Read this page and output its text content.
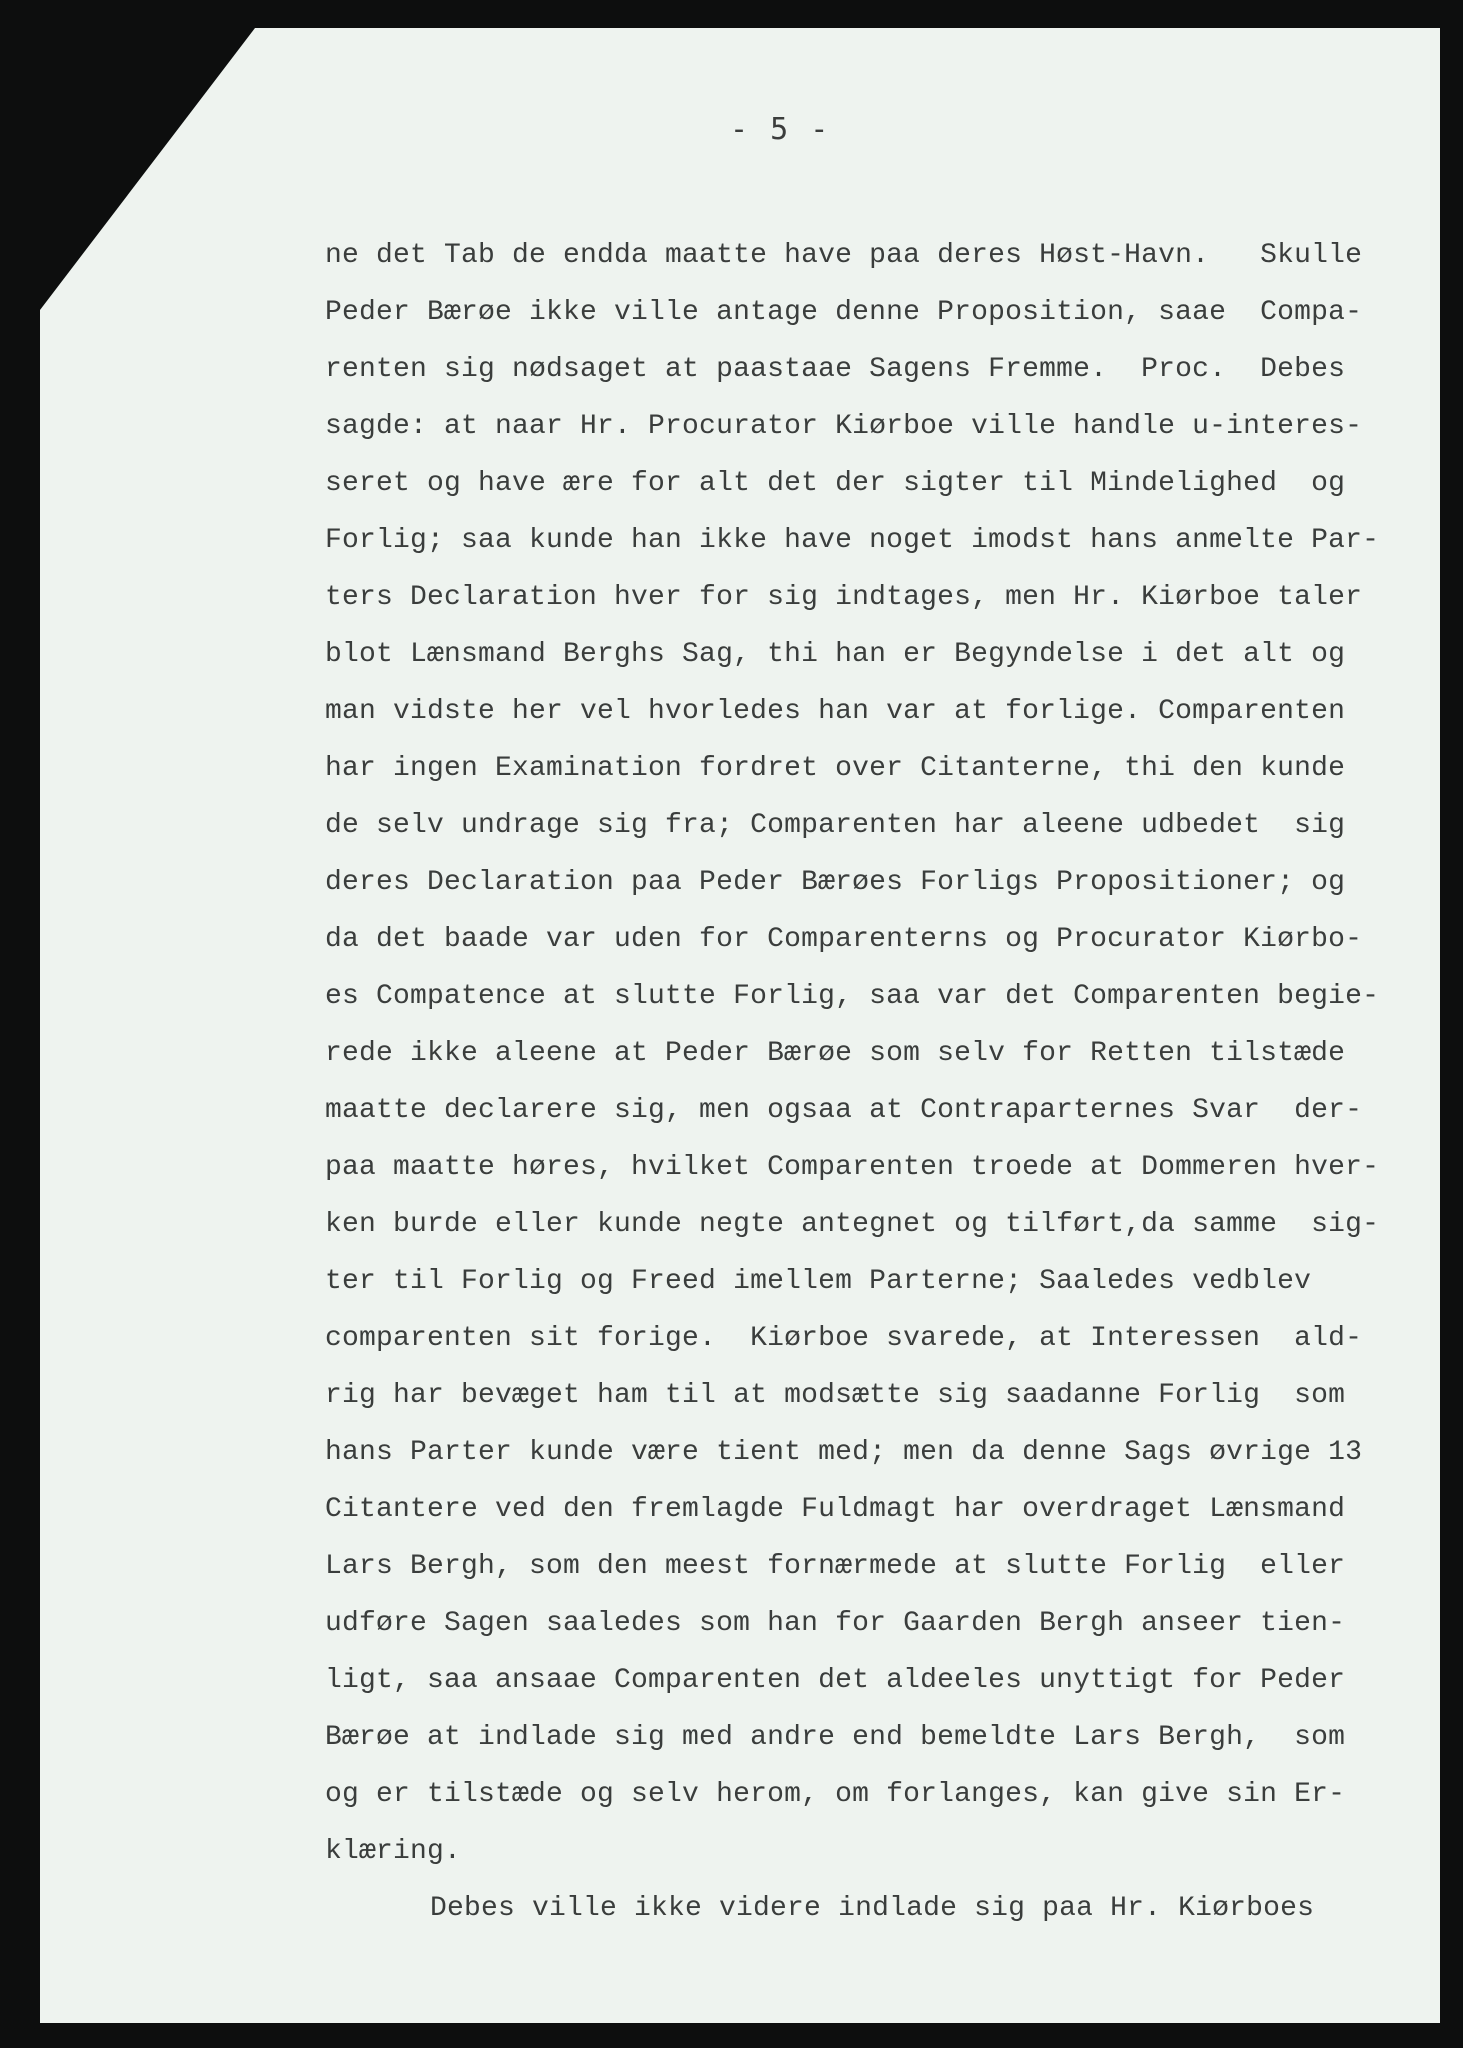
- 5 -
ne det Tab de endda maatte have paa deres Høst-Havn.   Skulle
Peder Bærøe ikke ville antage denne Proposition, saae  Compa-
renten sig nødsaget at paastaae Sagens Fremme.  Proc.  Debes
sagde: at naar Hr. Procurator Kiørboe ville handle u-interes-
seret og have ære for alt det der sigter til Mindelighed  og
Forlig; saa kunde han ikke have noget imodst hans anmelte Par-
ters Declaration hver for sig indtages, men Hr. Kiørboe taler
blot Lænsmand Berghs Sag, thi han er Begyndelse i det alt og
man vidste her vel hvorledes han var at forlige. Comparenten
har ingen Examination fordret over Citanterne, thi den kunde
de selv undrage sig fra; Comparenten har aleene udbedet  sig
deres Declaration paa Peder Bærøes Forligs Propositioner; og
da det baade var uden for Comparenterns og Procurator Kiørbo-
es Compatence at slutte Forlig, saa var det Comparenten begie-
rede ikke aleene at Peder Bærøe som selv for Retten tilstæde
maatte declarere sig, men ogsaa at Contraparternes Svar  der-
paa maatte høres, hvilket Comparenten troede at Dommeren hver-
ken burde eller kunde negte antegnet og tilført,da samme  sig-
ter til Forlig og Freed imellem Parterne; Saaledes vedblev
comparenten sit forige.  Kiørboe svarede, at Interessen  ald-
rig har bevæget ham til at modsætte sig saadanne Forlig  som
hans Parter kunde være tient med; men da denne Sags øvrige 13
Citantere ved den fremlagde Fuldmagt har overdraget Lænsmand
Lars Bergh, som den meest fornærmede at slutte Forlig  eller
udføre Sagen saaledes som han for Gaarden Bergh anseer tien-
ligt, saa ansaae Comparenten det aldeeles unyttigt for Peder
Bærøe at indlade sig med andre end bemeldte Lars Bergh,  som
og er tilstæde og selv herom, om forlanges, kan give sin Er-
klæring.
Debes ville ikke videre indlade sig paa Hr. Kiørboes
